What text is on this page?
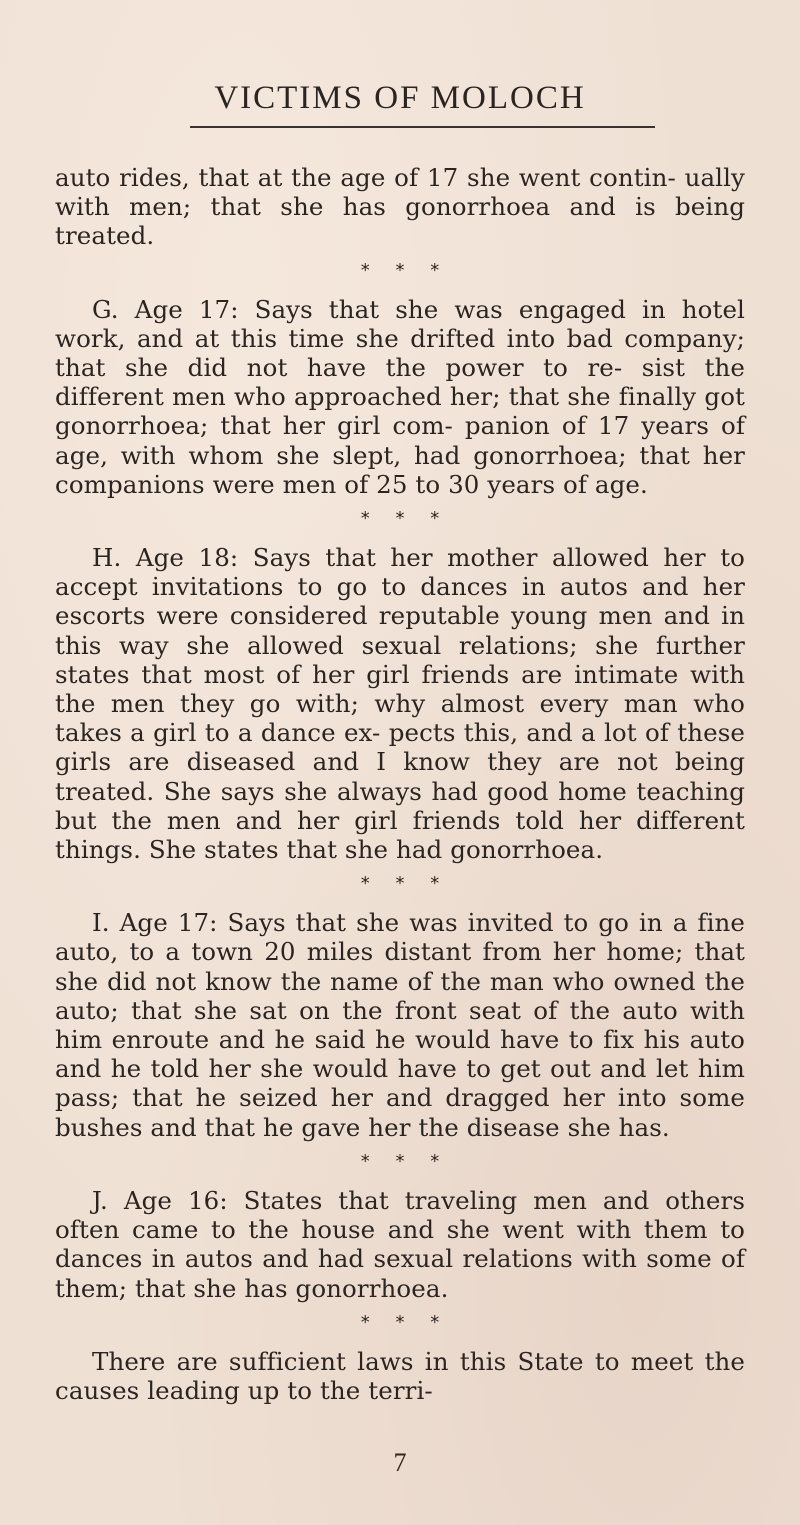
VICTIMS OF MOLOCH

auto rides, that at the age of 17 she went contin- ually with men; that she has gonorrhoea and is being treated.

* * *

G. Age 17: Says that she was engaged in hotel work, and at this time she drifted into bad company; that she did not have the power to re- sist the different men who approached her; that she finally got gonorrhoea; that her girl com- panion of 17 years of age, with whom she slept, had gonorrhoea; that her companions were men of 25 to 30 years of age.

* * *

H. Age 18: Says that her mother allowed her to accept invitations to go to dances in autos and her escorts were considered reputable young men and in this way she allowed sexual relations; she further states that most of her girl friends are intimate with the men they go with; why almost every man who takes a girl to a dance ex- pects this, and a lot of these girls are diseased and I know they are not being treated. She says she always had good home teaching but the men and her girl friends told her different things. She states that she had gonorrhoea.

* * *

I. Age 17: Says that she was invited to go in a fine auto, to a town 20 miles distant from her home; that she did not know the name of the man who owned the auto; that she sat on the front seat of the auto with him enroute and he said he would have to fix his auto and he told her she would have to get out and let him pass; that he seized her and dragged her into some bushes and that he gave her the disease she has.

* * *

J. Age 16: States that traveling men and others often came to the house and she went with them to dances in autos and had sexual relations with some of them; that she has gonorrhoea.

* * *

There are sufficient laws in this State to meet the causes leading up to the terri-

7
